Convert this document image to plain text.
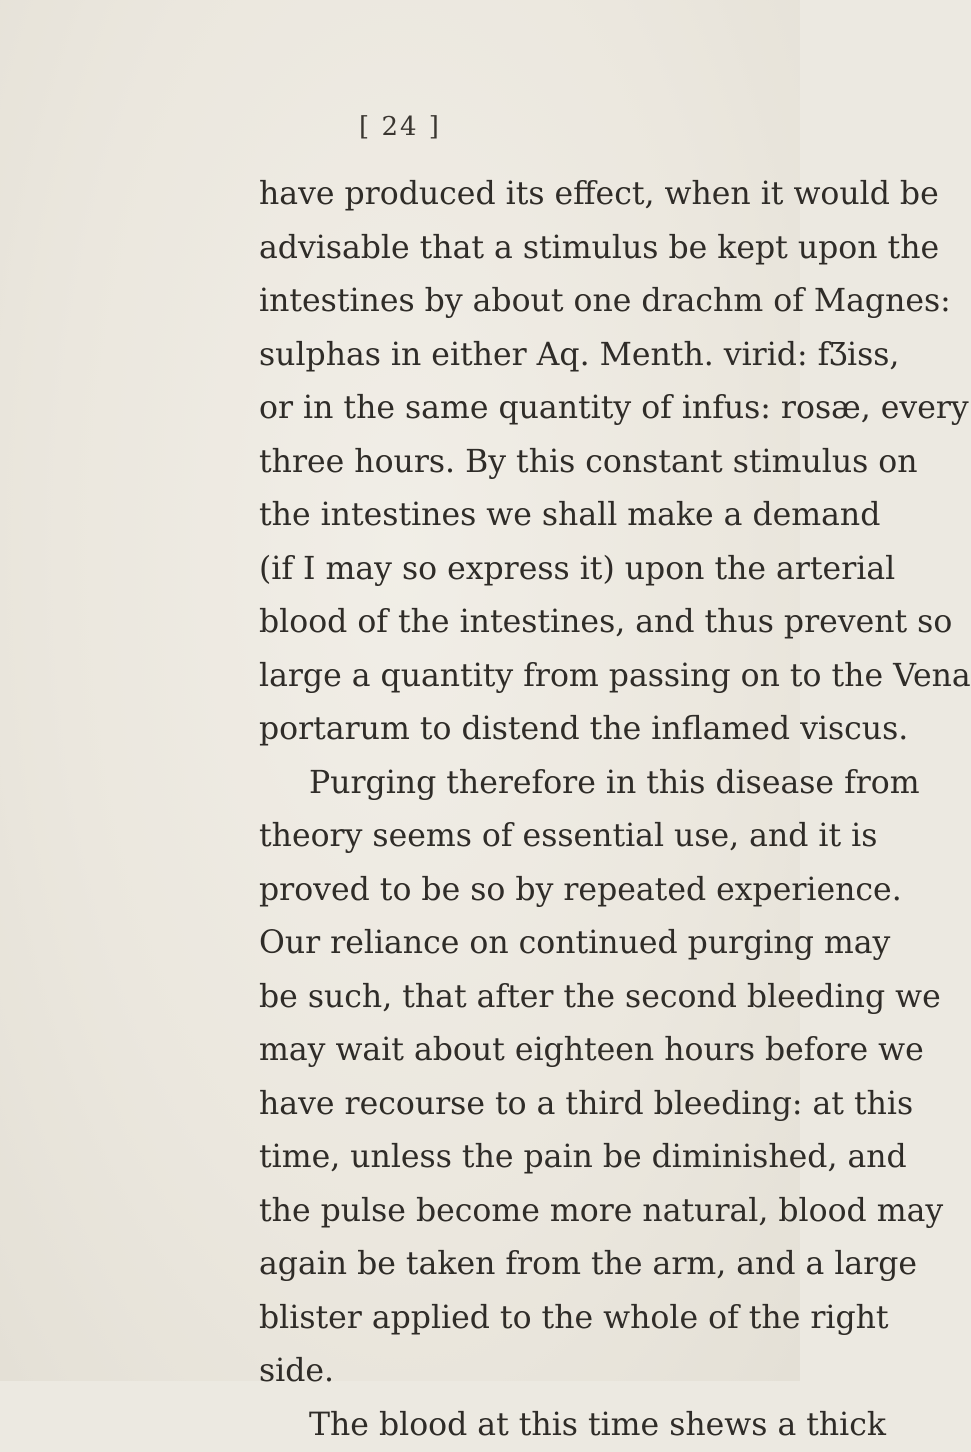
[ 24 ]
have produced its effect, when it would be
advisable that a stimulus be kept upon the
intestines by about one drachm of Magnes:
sulphas in either Aq. Menth. virid: fƷiss,
or in the same quantity of infus: rosæ, every
three hours. By this constant stimulus on
the intestines we shall make a demand
(if I may so express it) upon the arterial
blood of the intestines, and thus prevent so
large a quantity from passing on to the Vena
portarum to distend the inflamed viscus.
Purging therefore in this disease from
theory seems of essential use, and it is
proved to be so by repeated experience.
Our reliance on continued purging may
be such, that after the second bleeding we
may wait about eighteen hours before we
have recourse to a third bleeding: at this
time, unless the pain be diminished, and
the pulse become more natural, blood may
again be taken from the arm, and a large
blister applied to the whole of the right
side.
The blood at this time shews a thick
